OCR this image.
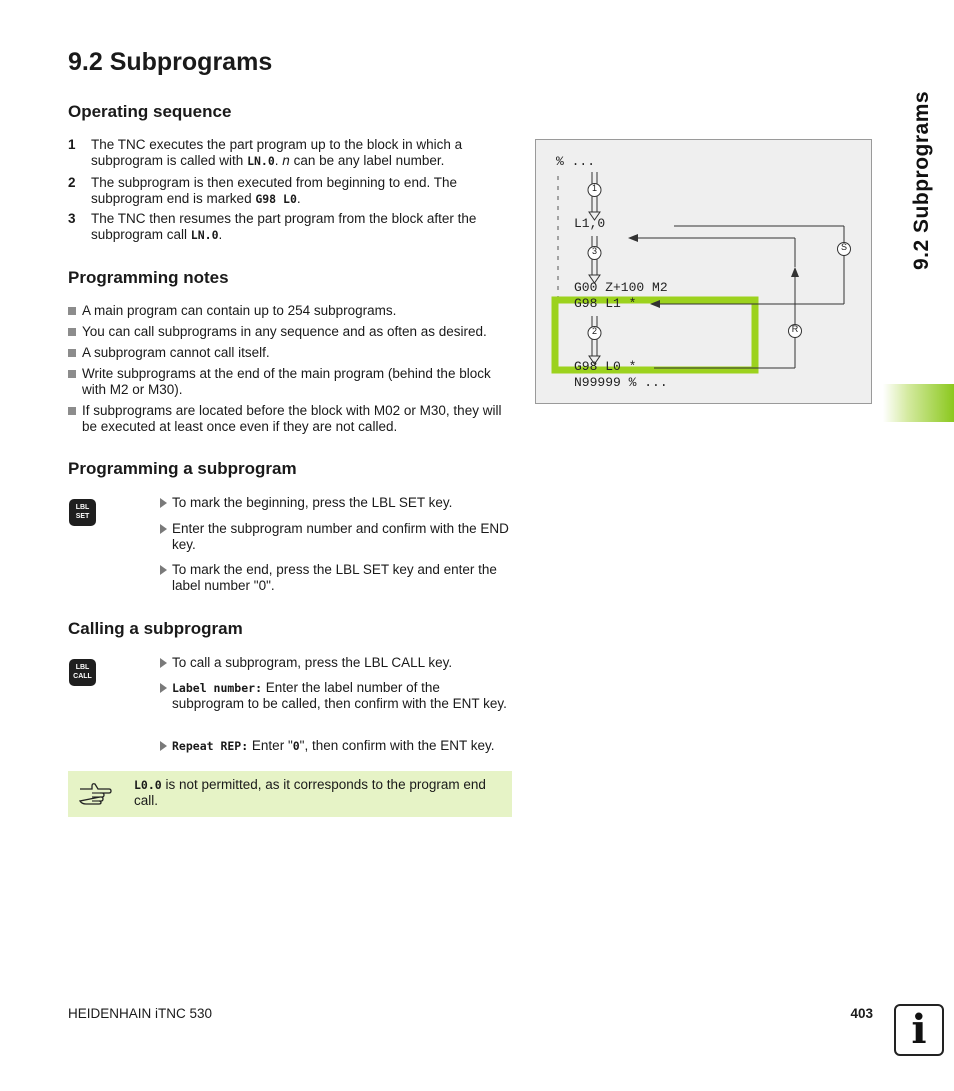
9.2 Subprograms
9.2 Subprograms
Operating sequence
1 The TNC executes the part program up to the block in which a subprogram is called with LN.0. n can be any label number.
2 The subprogram is then executed from beginning to end. The subprogram end is marked G98 L0.
3 The TNC then resumes the part program from the block after the subprogram call LN.0.
Programming notes
A main program can contain up to 254 subprograms.
You can call subprograms in any sequence and as often as desired.
A subprogram cannot call itself.
Write subprograms at the end of the main program (behind the block with M2 or M30).
If subprograms are located before the block with M02 or M30, they will be executed at least once even if they are not called.
Programming a subprogram
LBL
SET
To mark the beginning, press the LBL SET key.
Enter the subprogram number and confirm with the END key.
To mark the end, press the LBL SET key and enter the label number "0".
Calling a subprogram
LBL
CALL
To call a subprogram, press the LBL CALL key.
Label number: Enter the label number of the subprogram to be called, then confirm with the ENT key.
Repeat REP: Enter "0", then confirm with the ENT key.
L0.0 is not permitted, as it corresponds to the program end call.
% ...
L1,0
G00 Z+100 M2
G98 L1 *
G98 L0 *
N99999 % ...
1
3
2
S
R
HEIDENHAIN iTNC 530	403 i
